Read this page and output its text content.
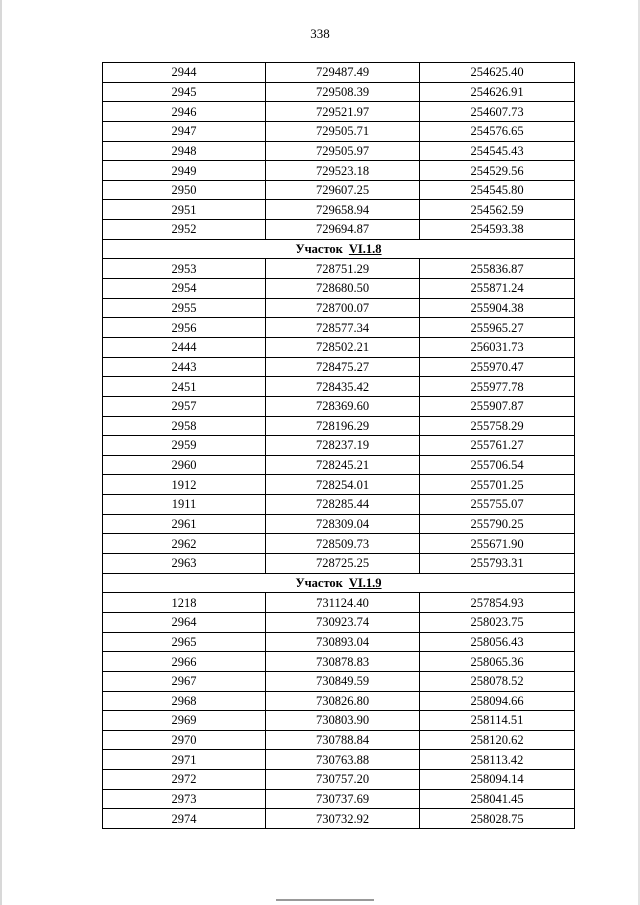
338
2944	729487.49	254625.40
2945	729508.39	254626.91
2946	729521.97	254607.73
2947	729505.71	254576.65
2948	729505.97	254545.43
2949	729523.18	254529.56
2950	729607.25	254545.80
2951	729658.94	254562.59
2952	729694.87	254593.38
Участок VI.1.8		
2953	728751.29	255836.87
2954	728680.50	255871.24
2955	728700.07	255904.38
2956	728577.34	255965.27
2444	728502.21	256031.73
2443	728475.27	255970.47
2451	728435.42	255977.78
2957	728369.60	255907.87
2958	728196.29	255758.29
2959	728237.19	255761.27
2960	728245.21	255706.54
1912	728254.01	255701.25
1911	728285.44	255755.07
2961	728309.04	255790.25
2962	728509.73	255671.90
2963	728725.25	255793.31
Участок VI.1.9		
1218	731124.40	257854.93
2964	730923.74	258023.75
2965	730893.04	258056.43
2966	730878.83	258065.36
2967	730849.59	258078.52
2968	730826.80	258094.66
2969	730803.90	258114.51
2970	730788.84	258120.62
2971	730763.88	258113.42
2972	730757.20	258094.14
2973	730737.69	258041.45
2974	730732.92	258028.75
